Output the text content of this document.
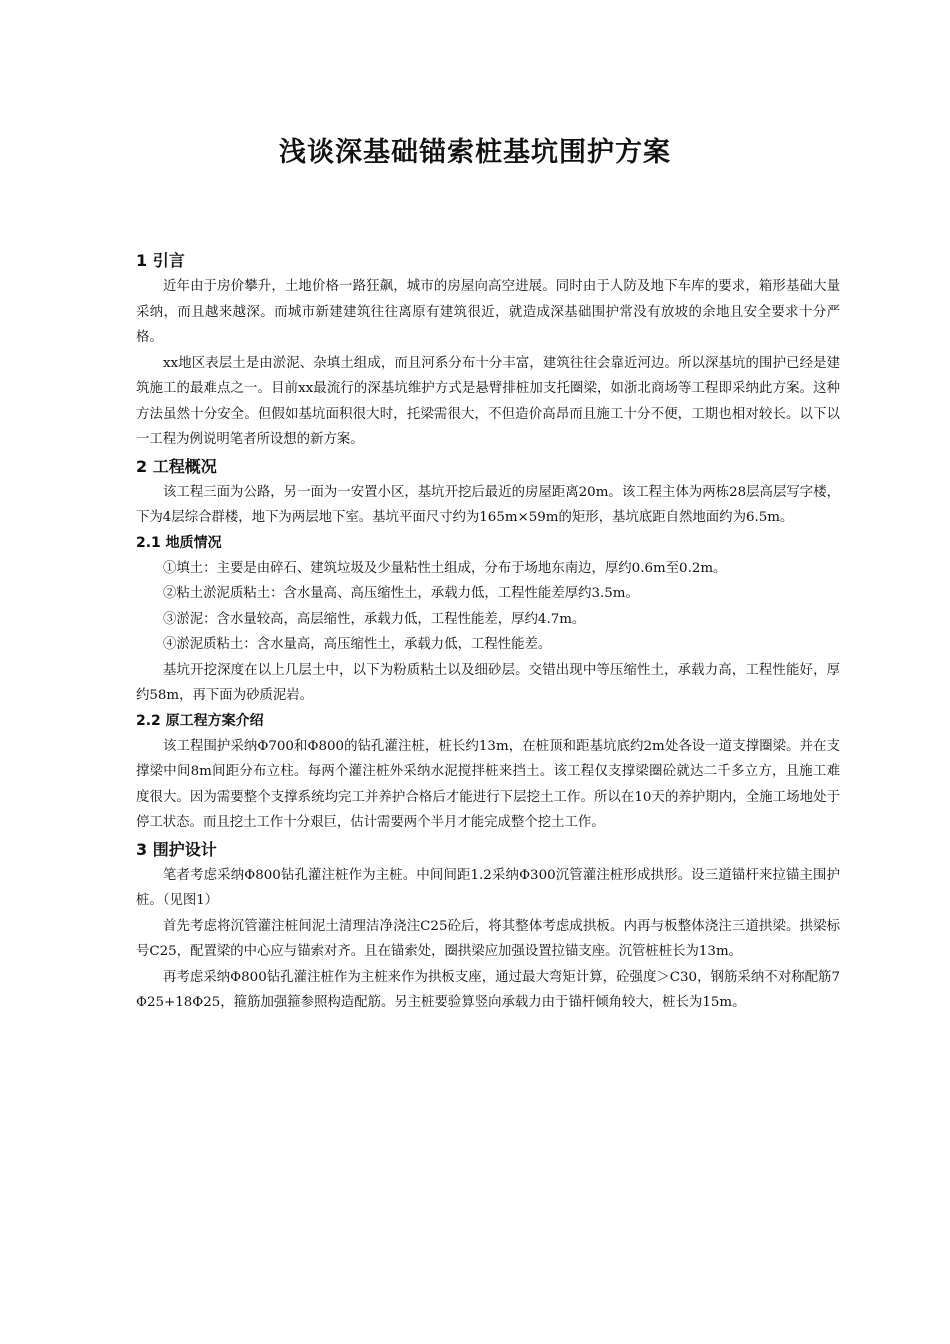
浅谈深基础锚索桩基坑围护方案
1 引言

近年由于房价攀升，土地价格一路狂飙，城市的房屋向高空进展。同时由于人防及地下车库的要求，箱形基础大量采纳，而且越来越深。而城市新建建筑往往离原有建筑很近，就造成深基础围护常没有放坡的余地且安全要求十分严格。

xx地区表层土是由淤泥、杂填土组成，而且河系分布十分丰富，建筑往往会靠近河边。所以深基坑的围护已经是建筑施工的最难点之一。目前xx最流行的深基坑维护方式是悬臂排桩加支托圈梁，如浙北商场等工程即采纳此方案。这种方法虽然十分安全。但假如基坑面积很大时，托梁需很大，不但造价高昂而且施工十分不便，工期也相对较长。以下以一工程为例说明笔者所设想的新方案。

2 工程概况

该工程三面为公路，另一面为一安置小区，基坑开挖后最近的房屋距离20m。该工程主体为两栋28层高层写字楼，下为4层综合群楼，地下为两层地下室。基坑平面尺寸约为165m×59m的矩形，基坑底距自然地面约为6.5m。

2.1 地质情况

①填土：主要是由碎石、建筑垃圾及少量粘性土组成，分布于场地东南边，厚约0.6m至0.2m。

②粘土淤泥质粘土：含水量高、高压缩性土，承载力低，工程性能差厚约3.5m。

③淤泥：含水量较高，高层缩性，承载力低，工程性能差，厚约4.7m。

④淤泥质粘土：含水量高，高压缩性土，承载力低，工程性能差。

基坑开挖深度在以上几层土中，以下为粉质粘土以及细砂层。交错出现中等压缩性土，承载力高，工程性能好，厚约58m，再下面为砂质泥岩。

2.2 原工程方案介绍

该工程围护采纳Φ700和Φ800的钻孔灌注桩，桩长约13m，在桩顶和距基坑底约2m处各设一道支撑圈梁。并在支撑梁中间8m间距分布立柱。每两个灌注桩外采纳水泥搅拌桩来挡土。该工程仅支撑梁圈砼就达二千多立方，且施工难度很大。因为需要整个支撑系统均完工并养护合格后才能进行下层挖土工作。所以在10天的养护期内，全施工场地处于停工状态。而且挖土工作十分艰巨，估计需要两个半月才能完成整个挖土工作。

3 围护设计

笔者考虑采纳Φ800钻孔灌注桩作为主桩。中间间距1.2采纳Φ300沉管灌注桩形成拱形。设三道锚杆来拉锚主围护桩。（见图1）

首先考虑将沉管灌注桩间泥土清理洁净浇注C25砼后，将其整体考虑成拱板。内再与板整体浇注三道拱梁。拱梁标号C25，配置梁的中心应与锚索对齐。且在锚索处，圈拱梁应加强设置拉锚支座。沉管桩桩长为13m。

再考虑采纳Φ800钻孔灌注桩作为主桩来作为拱板支座，通过最大弯矩计算，砼强度＞C30，钢筋采纳不对称配筋7Φ25+18Φ25，箍筋加强箍参照构造配筋。另主桩要验算竖向承载力由于锚杆倾角较大，桩长为15m。
